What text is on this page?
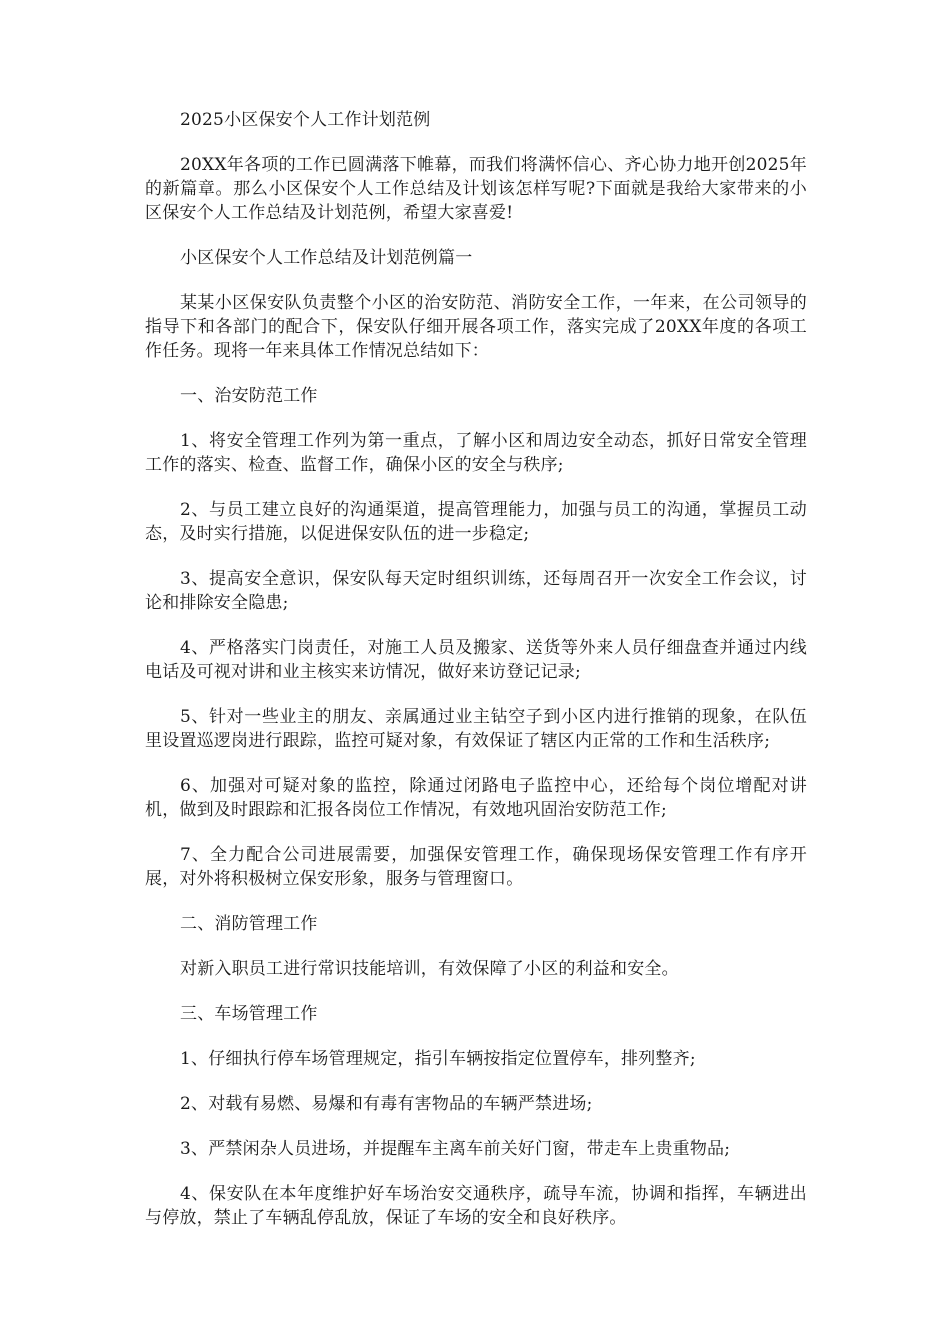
2025小区保安个人工作计划范例

20XX年各项的工作已圆满落下帷幕，而我们将满怀信心、齐心协力地开创2025年的新篇章。那么小区保安个人工作总结及计划该怎样写呢?下面就是我给大家带来的小区保安个人工作总结及计划范例，希望大家喜爱!

小区保安个人工作总结及计划范例篇一

某某小区保安队负责整个小区的治安防范、消防安全工作，一年来，在公司领导的指导下和各部门的配合下，保安队仔细开展各项工作，落实完成了20XX年度的各项工作任务。现将一年来具体工作情况总结如下：

一、治安防范工作

1、将安全管理工作列为第一重点，了解小区和周边安全动态，抓好日常安全管理工作的落实、检查、监督工作，确保小区的安全与秩序;

2、与员工建立良好的沟通渠道，提高管理能力，加强与员工的沟通，掌握员工动态，及时实行措施，以促进保安队伍的进一步稳定;

3、提高安全意识，保安队每天定时组织训练，还每周召开一次安全工作会议，讨论和排除安全隐患;

4、严格落实门岗责任，对施工人员及搬家、送货等外来人员仔细盘查并通过内线电话及可视对讲和业主核实来访情况，做好来访登记记录;

5、针对一些业主的朋友、亲属通过业主钻空子到小区内进行推销的现象，在队伍里设置巡逻岗进行跟踪，监控可疑对象，有效保证了辖区内正常的工作和生活秩序;

6、加强对可疑对象的监控，除通过闭路电子监控中心，还给每个岗位增配对讲机，做到及时跟踪和汇报各岗位工作情况，有效地巩固治安防范工作;

7、全力配合公司进展需要，加强保安管理工作，确保现场保安管理工作有序开展，对外将积极树立保安形象，服务与管理窗口。

二、消防管理工作

对新入职员工进行常识技能培训，有效保障了小区的利益和安全。

三、车场管理工作

1、仔细执行停车场管理规定，指引车辆按指定位置停车，排列整齐;

2、对载有易燃、易爆和有毒有害物品的车辆严禁进场;

3、严禁闲杂人员进场，并提醒车主离车前关好门窗，带走车上贵重物品;

4、保安队在本年度维护好车场治安交通秩序，疏导车流，协调和指挥，车辆进出与停放，禁止了车辆乱停乱放，保证了车场的安全和良好秩序。
